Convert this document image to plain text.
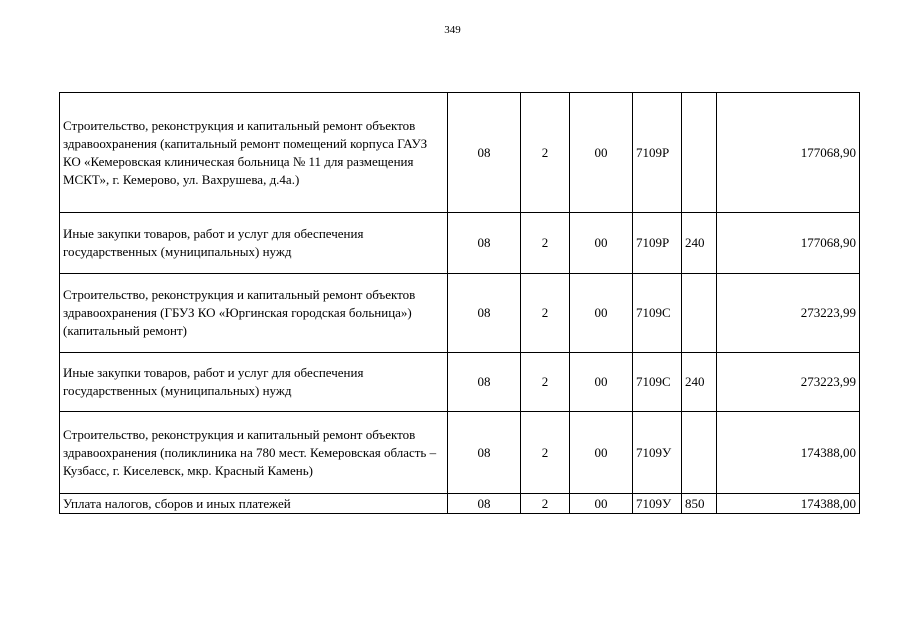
349
Строительство, реконструкция и капитальный ремонт объектов здравоохранения (капитальный ремонт помещений корпуса ГАУЗ КО «Кемеровская клиническая больница № 11 для размещения МСКТ», г. Кемерово, ул. Вахрушева, д.4а.)	08	2	00	7109Р		177068,90
Иные закупки товаров, работ и услуг для обеспечения государственных (муниципальных) нужд	08	2	00	7109Р	240	177068,90
Строительство, реконструкция и капитальный ремонт объектов здравоохранения (ГБУЗ КО «Юргинская городская больница») (капитальный ремонт)	08	2	00	7109С		273223,99
Иные закупки товаров, работ и услуг для обеспечения государственных (муниципальных) нужд	08	2	00	7109С	240	273223,99
Строительство, реконструкция и капитальный ремонт объектов здравоохранения (поликлиника на 780 мест. Кемеровская область – Кузбасс, г. Киселевск, мкр. Красный Камень)	08	2	00	7109У		174388,00
Уплата налогов, сборов и иных платежей	08	2	00	7109У	850	174388,00
